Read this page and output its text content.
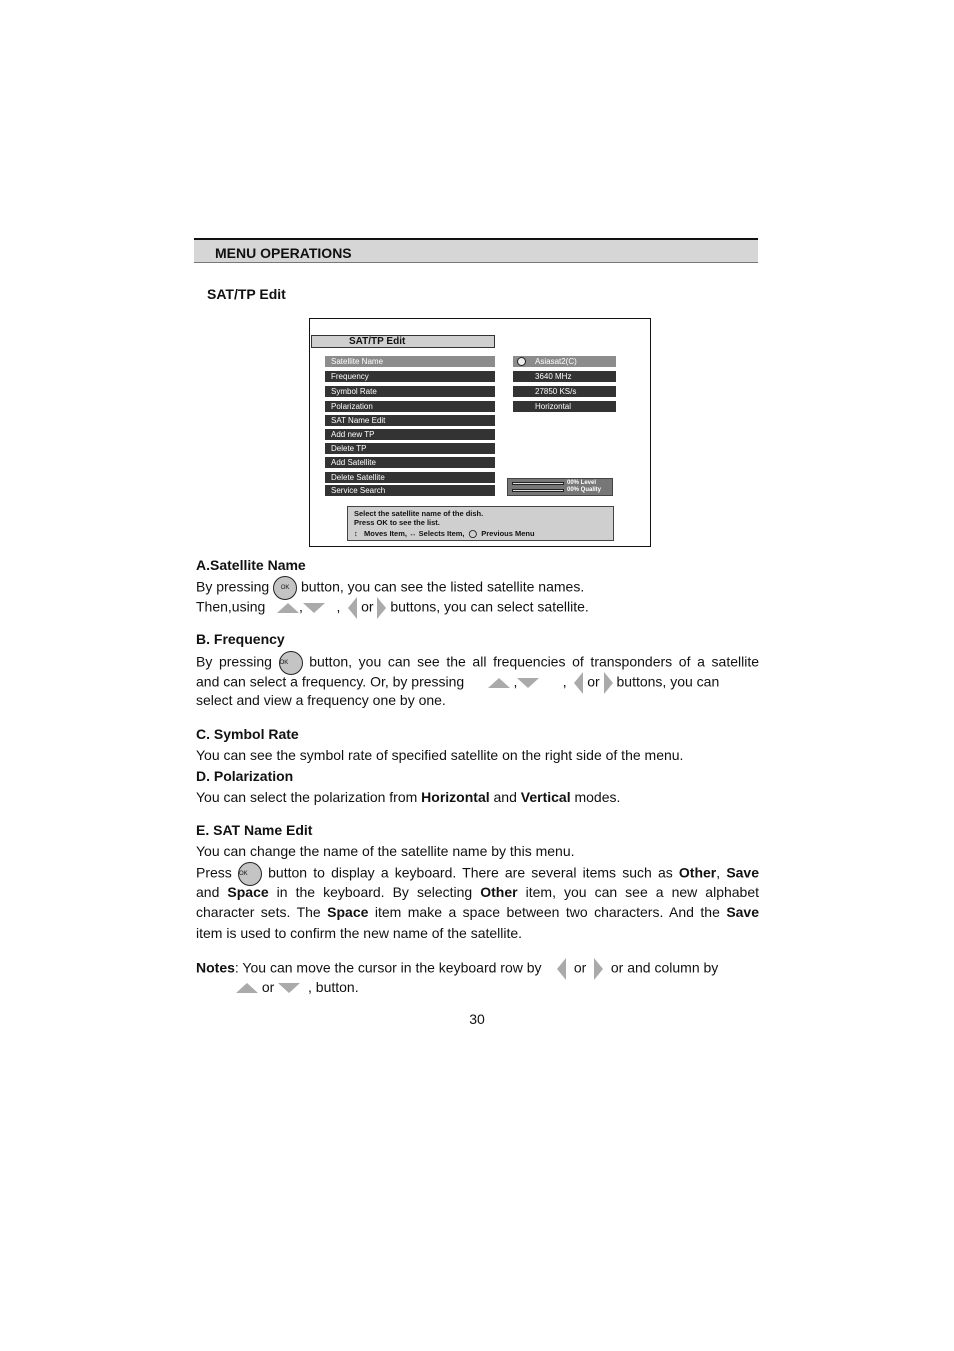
MENU OPERATIONS
SAT/TP Edit
SAT/TP Edit
Satellite Name
Frequency
Symbol Rate
Polarization
SAT Name Edit
Add new TP
Delete TP
Add Satellite
Delete Satellite
Service Search
Asiasat2(C)
3640 MHz
27850 KS/s
Horizontal
00% Level
00% Quality
Select the satellite name of the dish.
Press OK to see the list.
↕ Moves Item, ↔ Selects Item, ◯ Previous Menu
A.Satellite Name
By pressing OK button, you can see the listed satellite names.
Then,using , , or buttons, you can select satellite.
B. Frequency
By pressing OK button, you can see the all frequencies of transponders of a satellite
and can select a frequency. Or, by pressing	,	, or buttons, you can
select and view a frequency one by one.
C. Symbol Rate
You can see the symbol rate of specified satellite on the right side of the menu.
D. Polarization
You can select the polarization from Horizontal and Vertical modes.
E. SAT Name Edit
You can change the name of the satellite name by this menu.
Press OK button to display a keyboard. There are several items such as Other, Save
and Space in the keyboard. By selecting Other item, you can see a new alphabet
character sets. The Space item make a space between two characters. And the Save
item is used to confirm the new name of the satellite.
Notes: You can move the cursor in the keyboard row by or or and column by
or , button.
30
